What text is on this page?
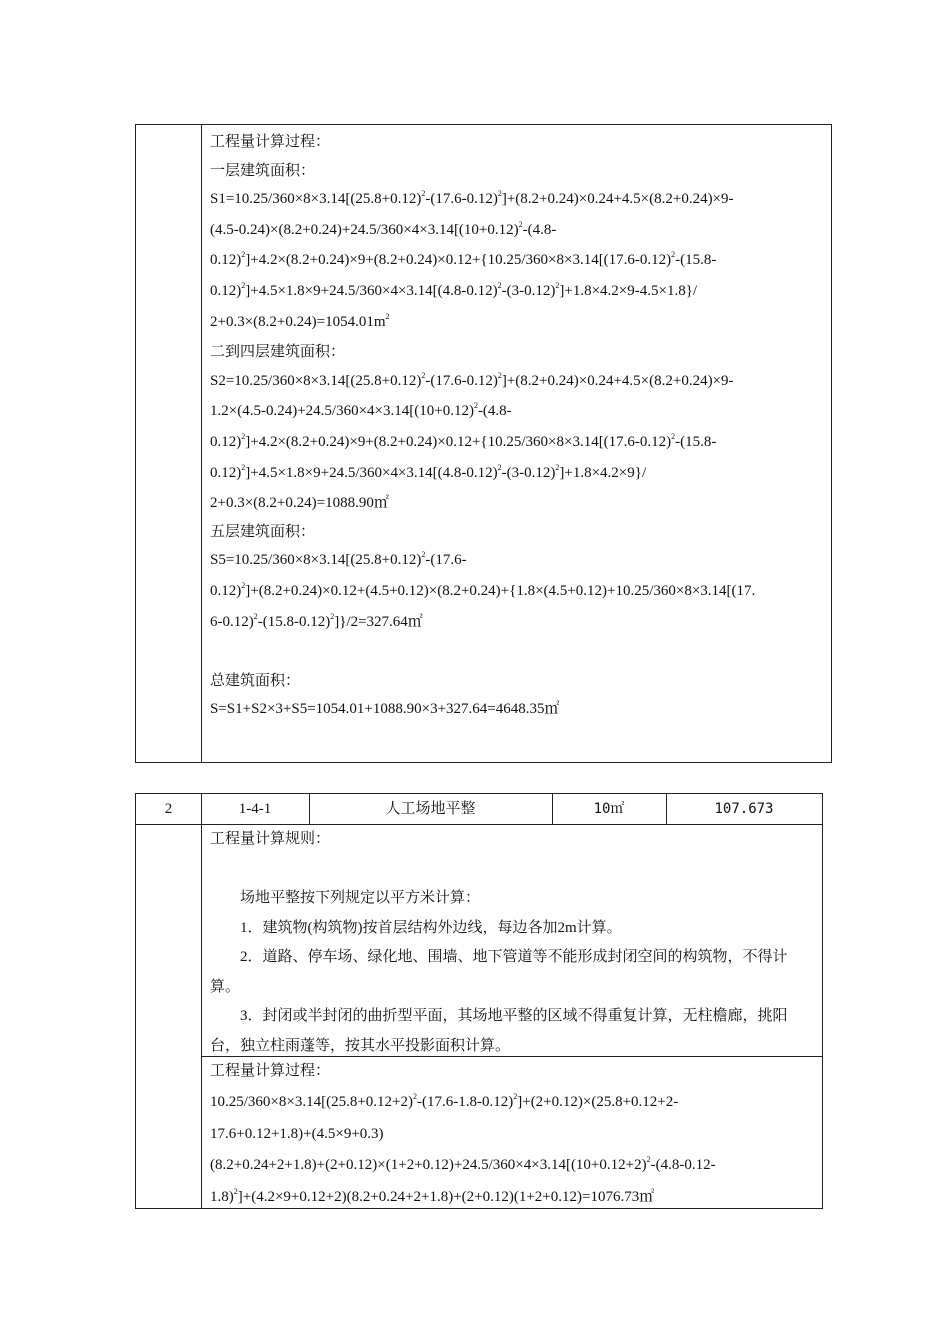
工程量计算过程：
一层建筑面积：
$S1=10.25/360\times 8\times 3.14[(25.8+0.12)^2-(17.6-0.12)^2]+(8.2+0.24)\times 0.24+4.5\times(8.2+0.24)\times 9-$
$(4.5-0.24)\times(8.2+0.24)+24.5/360\times 4\times 3.14[(10+0.12)^2-(4.8-$
$0.12)^2]+4.2\times(8.2+0.24)\times 9+(8.2+0.24)\times 0.12+\{10.25/360\times 8\times 3.14[(17.6-0.12)^2-(15.8-$
$0.12)^2]+4.5\times 1.8\times 9+24.5/360\times 4\times 3.14[(4.8-0.12)^2-(3-0.12)^2]+1.8\times 4.2\times 9-4.5\times 1.8\}/$
$2+0.3\times(8.2+0.24)=1054.01m^2$
二到四层建筑面积：
$S2=10.25/360\times 8\times 3.14[(25.8+0.12)^2-(17.6-0.12)^2]+(8.2+0.24)\times 0.24+4.5\times(8.2+0.24)\times 9-$
$1.2\times(4.5-0.24)+24.5/360\times 4\times 3.14[(10+0.12)^2-(4.8-$
$0.12)^2]+4.2\times(8.2+0.24)\times 9+(8.2+0.24)\times 0.12+\{10.25/360\times 8\times 3.14[(17.6-0.12)^2-(15.8-$
$0.12)^2]+4.5\times 1.8\times 9+24.5/360\times 4\times 3.14[(4.8-0.12)^2-(3-0.12)^2]+1.8\times 4.2\times 9\}/$
2+0.3×(8.2+0.24)=1088.90㎡
五层建筑面积：
$S5=10.25/360\times 8\times 3.14[(25.8+0.12)^2-(17.6-$
0.12)$^2$]+(8.2+0.24)×0.12+(4.5+0.12)×(8.2+0.24)+{1.8×(4.5+0.12)+10.25/360×8×3.14[(17.
$6-0.12)^2-(15.8-0.12)^2]\}/2=327.64㎡$
总建筑面积：
S=S1+S2×3+S5=1054.01+1088.90×3+327.64=4648.35㎡
2	1-4-1	人工场地平整	10㎡	107.673
工程量计算规则：
场地平整按下列规定以平方米计算：
1．建筑物(构筑物)按首层结构外边线，每边各加2m计算。
2．道路、停车场、绿化地、围墙、地下管道等不能形成封闭空间的构筑物，不得计算。
3．封闭或半封闭的曲折型平面，其场地平整的区域不得重复计算，无柱檐廊，挑阳台，独立柱雨蓬等，按其水平投影面积计算。
工程量计算过程：
$10.25/360\times 8\times 3.14[(25.8+0.12+2)^2-(17.6-1.8-0.12)^2]+(2+0.12)\times(25.8+0.12+2-$
17.6+0.12+1.8)+(4.5×9+0.3)
$(8.2+0.24+2+1.8)+(2+0.12)\times(1+2+0.12)+24.5/360\times 4\times 3.14[(10+0.12+2)^2-(4.8-0.12-$
1.8)$^2$]+(4.2×9+0.12+2)(8.2+0.24+2+1.8)+(2+0.12)(1+2+0.12)=1076.73㎡
